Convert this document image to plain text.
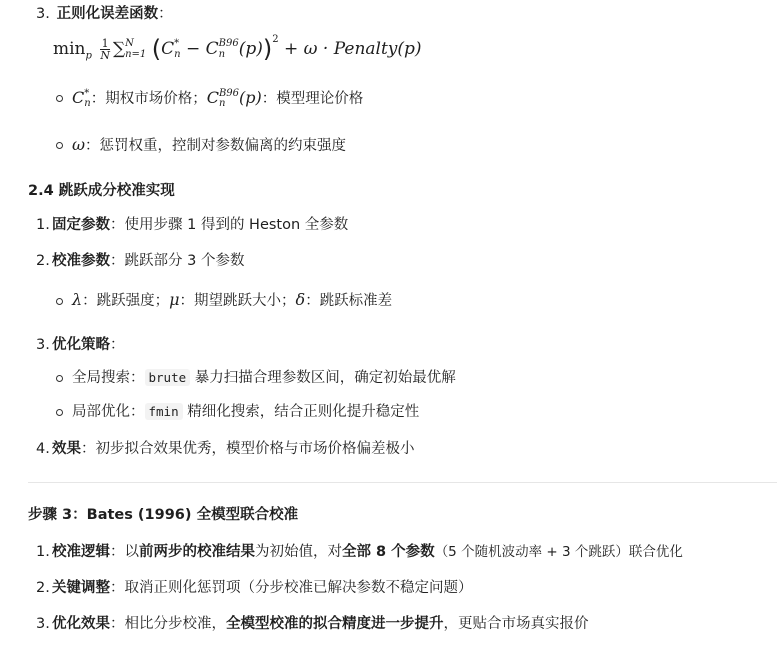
3. 正则化误差函数：
$\min_p \frac{1}{N}$ ∑ N
n=1 (C *
n − C B96
n (p))$^2$ + ω · Penalty(p)
C *
n ：期权市场价格；C B96
n (p)：模型理论价格
ω：惩罚权重，控制对参数偏离的约束强度
2.4 跳跃成分校准实现
1. 固定参数：使用步骤 1 得到的 Heston 全参数
2. 校准参数：跳跃部分 3 个参数
λ：跳跃强度；μ：期望跳跃大小；δ：跳跃标准差
3. 优化策略：
全局搜索： brute 暴力扫描合理参数区间，确定初始最优解
局部优化： fmin 精细化搜索，结合正则化提升稳定性
4. 效果：初步拟合效果优秀，模型价格与市场价格偏差极小
步骤 3：Bates (1996) 全模型联合校准
1. 校准逻辑：以前两步的校准结果为初始值，对全部 8 个参数（5 个随机波动率 + 3 个跳跃）联合优化
2. 关键调整：取消正则化惩罚项（分步校准已解决参数不稳定问题）
3. 优化效果：相比分步校准，全模型校准的拟合精度进一步提升，更贴合市场真实报价
